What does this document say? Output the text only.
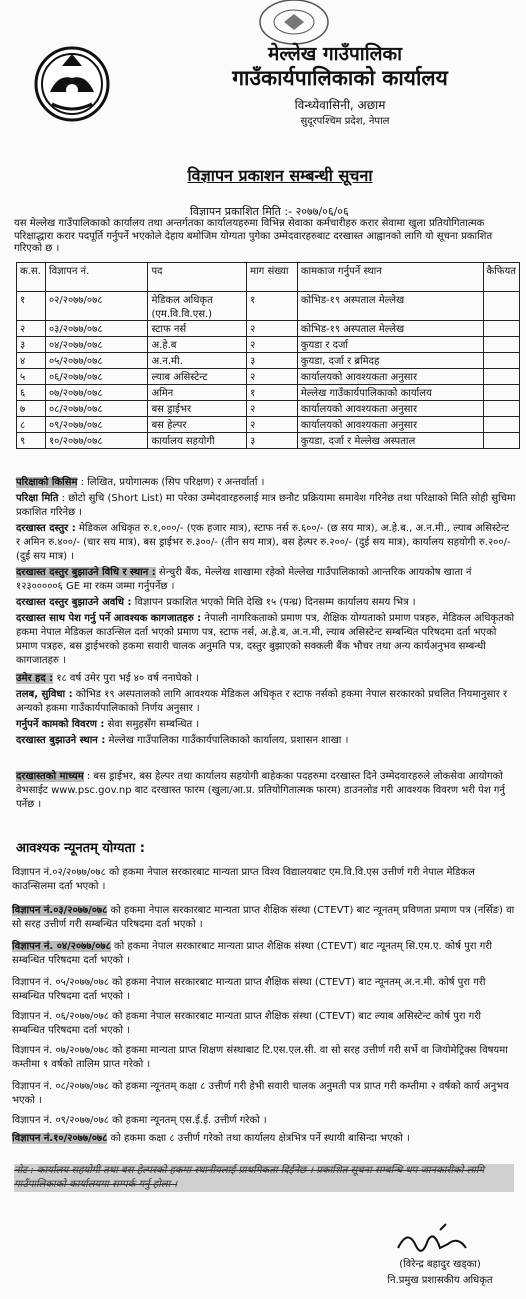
मेल्लेख गाउँपालिका
गाउँकार्यपालिकाको कार्यालय
विन्ध्येवासिनी, अछाम
सुदूरपश्चिम प्रदेश, नेपाल
विज्ञापन प्रकाशन सम्बन्धी सूचना
विज्ञापन प्रकाशित मिति :- २०७७/०६/०६
यस मेल्लेख गाउँपालिकाको कार्यालय तथा अन्तर्गतका कार्यालयहरुमा विभिन्न सेवाका कर्मचारीहरु करार सेवामा खुला प्रतियोगितात्मक परिक्षाद्धारा करार पदपूर्ति गर्नुपर्ने भएकोले देहाय बमोजिम योग्यता पुगेका उम्मेदवारहरुबाट दरखास्त आह्वानको लागि यो सूचना प्रकाशित गरिएको छ ।
क.स.	विज्ञापन नं.	पद	माग संख्या	कामकाज गर्नुपर्ने स्थान	कैफियत
१	०२/२०७७/०७८	मेडिकल अधिकृत (एम.वि.वि.एस.)	१	कोभिड-१९ अस्पताल मेल्लेख	
२	०३/२०७७/०७८	स्टाफ नर्स	२	कोभिड-१९ अस्पताल मेल्लेख	
३	०४/२०७७/०७८	अ.हे.ब	२	कुयडा र दर्जा	
४	०५/२०७७/०७८	अ.न.मी.	३	कुयडा, दर्जा र ब्रमिदह	
५	०६/२०७७/०७८	ल्याब असिस्टेन्ट	२	कार्यालयको आवश्यकता अनुसार	
६	०७/२०७७/०७८	अमिन	१	मेल्लेख गाउँकार्यपालिकाको कार्यालय	
७	०८/२०७७/०७८	बस ड्राईभर	२	कार्यालयको आवश्यकता अनुसार	
८	०९/२०७७/०७८	बस हेल्पर	२	कार्यालयको आवश्यकता अनुसार	
९	१०/२०७७/०७८	कार्यालय सहयोगी	३	कुयडा, दर्जा र मेल्लेख अस्पताल	
परिक्षाको किसिम : लिखित, प्रयोगात्मक (सिप परिक्षण) र अन्तर्वार्ता ।
परिक्षा मिति : छोटो सुचि (Short List) मा परेका उम्मेदवारहरुलाई मात्र छनौट प्रक्रियामा समावेश गरिनेछ तथा परिक्षाको मिति सोही सुचिमा प्रकाशित गरिनेछ ।
दरखास्त दस्तुर : मेडिकल अधिकृत रु.१,०००/- (एक हजार मात्र), स्टाफ नर्स रु.६००/- (छ सय मात्र), अ.हे.ब., अ.न.मी., ल्याब असिस्टेन्ट र अमिन रु.४००/- (चार सय मात्र), बस ड्राईभर रु.३००/- (तीन सय मात्र), बस हेल्पर रु.२००/- (दुई सय मात्र), कार्यालय सहयोगी रु.२००/- (दुई सय मात्र) ।
दरखास्त दस्तुर बुझाउने विधि र स्थान : सेन्चुरी बैंक, मेल्लेख शाखामा रहेको मेल्लेख गाउँपालिकाको आन्तरिक आयकोष खाता नं १२३०००००६ GE मा रकम जम्मा गर्नुपर्नेछ ।
दरखास्त दस्तुर बुझाउने अवधि : विज्ञापन प्रकाशित भएको मिति देखि १५ (पन्ध्र) दिनसम्म कार्यालय समय भित्र ।
दरखास्त साथ पेश गर्नु पर्ने आवश्यक कागजातहरु : नेपाली नागरिकताको प्रमाण पत्र, शैक्षिक योग्यताको प्रमाण पत्रहरु, मेडिकल अधिकृतको हकमा नेपाल मेडिकल काउन्सिल दर्ता भएको प्रमाण पत्र, स्टाफ नर्स, अ.हे.ब, अ.न.मी, ल्याब असिस्टेन्ट सम्बन्धित परिषदमा दर्ता भएको प्रमाण पत्रहरु, बस ड्राईभरको हकमा सवारी चालक अनुमति पत्र, दस्तुर बुझाएको सक्कली बैंक भौचर तथा अन्य कार्यअनुभव सम्बन्धी कागजातहरु ।
उमेर हद : १८ वर्ष उमेर पुरा भई ४० वर्ष ननाघेको ।
तलब, सुविधा : कोभिड १९ अस्पतालको लागि आवश्यक मेडिकल अधिकृत र स्टाफ नर्सको हकमा नेपाल सरकारको प्रचलित नियमानुसार र अन्यको हकमा गाउँकार्यपालिकाको निर्णय अनुसार ।
गर्नुपर्ने कामको विवरण : सेवा समुहसँग सम्बन्धित ।
दरखास्त बुझाउने स्थान : मेल्लेख गाउँपालिका गाउँकार्यपालिकाको कार्यालय, प्रशासन शाखा ।
दरखास्तको माध्यम : बस ड्राईभर, बस हेल्पर तथा कार्यालय सहयोगी बाहेकका पदहरुमा दरखास्त दिने उम्मेदवारहरुले लोकसेवा आयोगको वेभसाईट www.psc.gov.np बाट दरखास्त फारम (खुला/आ.प्र. प्रतियोगितात्मक फारम) डाउनलोड गरी आवश्यक विवरण भरी पेश गर्नु पर्नेछ ।
आवश्यक न्यूनतम् योग्यता :
विज्ञापन नं.०२/२०७७/०७८ को हकमा नेपाल सरकारबाट मान्यता प्राप्त विश्व विद्यालयबाट एम.वि.वि.एस उत्तीर्ण गरी नेपाल मेडिकल काउन्सिलमा दर्ता भएको ।
विज्ञापन नं.०३/२०७७/०७८ को हकमा नेपाल सरकारबाट मान्यता प्राप्त शैक्षिक संस्था (CTEVT) बाट न्यूनतम् प्रविणता प्रमाण पत्र (नर्सिङ) वा सो सरह उत्तीर्ण गरी सम्बन्धित परिषदमा दर्ता भएको ।
विज्ञापन नं. ०४/२०७७/०७८ को हकमा नेपाल सरकारबाट मान्यता प्राप्त शैक्षिक संस्था (CTEVT) बाट न्यूनतम् सि.एम.ए. कोर्ष पुरा गरी सम्बन्धित परिषदमा दर्ता भएको ।
विज्ञापन नं. ०५/२०७७/०७८ को हकमा नेपाल सरकारबाट मान्यता प्राप्त शैक्षिक संस्था (CTEVT) बाट न्यूनतम् अ.न.मी. कोर्ष पुरा गरी सम्बन्धित परिषदमा दर्ता भएको ।
विज्ञापन नं. ०६/२०७७/०७८ को हकमा नेपाल सरकारबाट मान्यता प्राप्त शैक्षिक संस्था (CTEVT) बाट ल्याब असिस्टेन्ट कोर्ष पुरा गरी सम्बन्धित परिषदमा दर्ता भएको ।
विज्ञापन नं. ०७/२०७७/०७८ को हकमा मान्यता प्राप्त शिक्षण संस्थाबाट टि.एस.एल.सी. वा सो सरह उत्तीर्ण गरी सर्भे वा जियोमेट्रिक्स विषयमा कम्तीमा १ वर्षको तालिम प्राप्त गरेको ।
विज्ञापन नं. ०८/२०७७/०७८ को हकमा न्यूनतम् कक्षा ८ उत्तीर्ण गरी हेभी सवारी चालक अनुमती पत्र प्राप्त गरी कम्तीमा २ वर्षको कार्य अनुभव भएको ।
विज्ञापन नं. ०९/२०७७/०७८ को हकमा न्यूनतम् एस.ई.ई. उत्तीर्ण गरेको ।
विज्ञापन नं.१०/२०७७/०७८ को हकमा कक्षा ८ उत्तीर्ण गरेको तथा कार्यालय क्षेत्रभित्र पर्ने स्थायी बासिन्दा भएको ।
नोट : कार्यालय सहयोगी तथा बस हेल्परको हकमा स्थानीयलाई प्राथमिकता दिईनेछ । प्रकाशित सूचना सम्बन्धि थप जानकारीको लागि गाउँपालिकाको कार्यालयमा सम्पर्क गर्नु होला ।
(विरेन्द्र बहादुर खड्का)
नि.प्रमुख प्रशासकीय अधिकृत
